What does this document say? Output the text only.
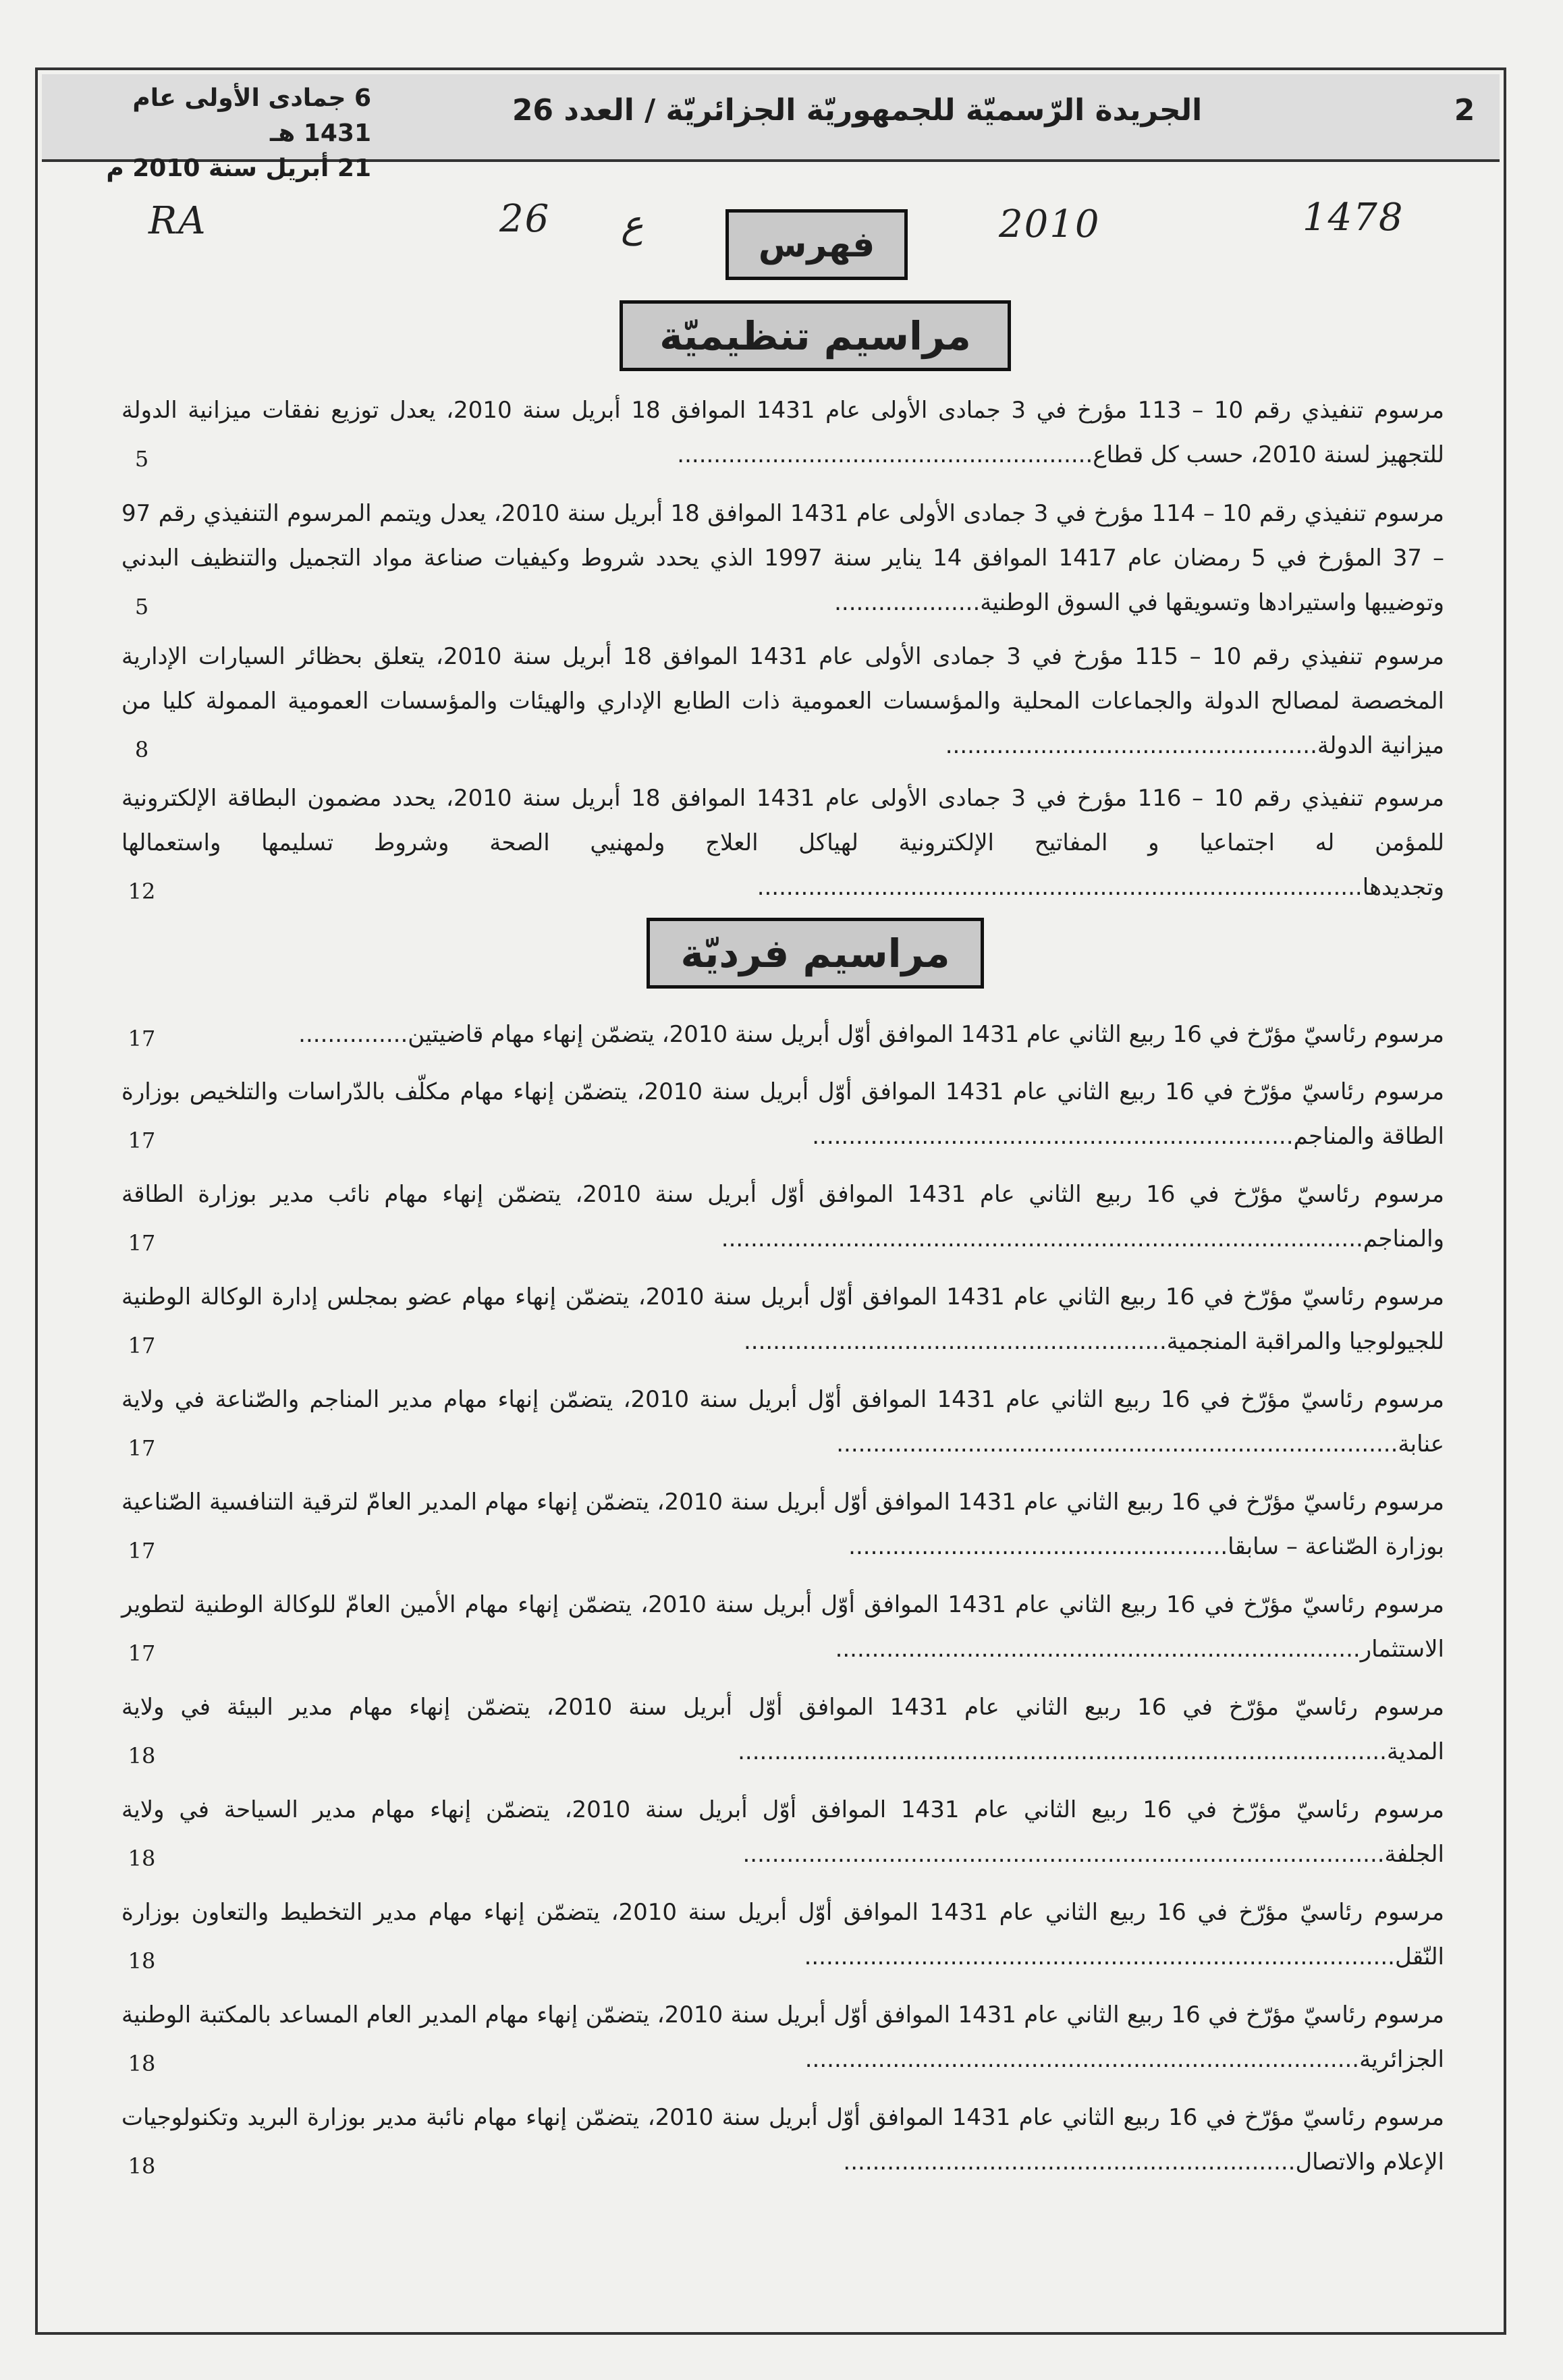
6 جمادى الأولى عام 1431 هـ
21 أبريل سنة 2010 م
الجريدة الرّسميّة للجمهوريّة الجزائريّة / العدد 26	2
RA	26 ع	2010	1478
فهرس
مراسيم تنظيميّة
مراسيم فرديّة
مرسوم تنفيذي رقم 10 – 113 مؤرخ في 3 جمادى الأولى عام 1431 الموافق 18 أبريل سنة 2010، يعدل توزيع نفقات ميزانية الدولة للتجهيز لسنة 2010، حسب كل قطاع.........................................................
5
مرسوم تنفيذي رقم 10 – 114 مؤرخ في 3 جمادى الأولى عام 1431 الموافق 18 أبريل سنة 2010، يعدل ويتمم المرسوم التنفيذي رقم 97 – 37 المؤرخ في 5 رمضان عام 1417 الموافق 14 يناير سنة 1997 الذي يحدد شروط وكيفيات صناعة مواد التجميل والتنظيف البدني وتوضيبها واستيرادها وتسويقها في السوق الوطنية....................
5
مرسوم تنفيذي رقم 10 – 115 مؤرخ في 3 جمادى الأولى عام 1431 الموافق 18 أبريل سنة 2010، يتعلق بحظائر السيارات الإدارية المخصصة لمصالح الدولة والجماعات المحلية والمؤسسات العمومية ذات الطابع الإداري والهيئات والمؤسسات العمومية الممولة كليا من ميزانية الدولة...................................................
8
مرسوم تنفيذي رقم 10 – 116 مؤرخ في 3 جمادى الأولى عام 1431 الموافق 18 أبريل سنة 2010، يحدد مضمون البطاقة الإلكترونية للمؤمن له اجتماعيا و المفاتيح الإلكترونية لهياكل العلاج ولمهنيي الصحة وشروط تسليمها واستعمالها وتجديدها...................................................................................
12
مرسوم رئاسيّ مؤرّخ في 16 ربيع الثاني عام 1431 الموافق أوّل أبريل سنة 2010، يتضمّن إنهاء مهام قاضيتين...............
17
مرسوم رئاسيّ مؤرّخ في 16 ربيع الثاني عام 1431 الموافق أوّل أبريل سنة 2010، يتضمّن إنهاء مهام مكلّف بالدّراسات والتلخيص بوزارة الطاقة والمناجم..................................................................
17
مرسوم رئاسيّ مؤرّخ في 16 ربيع الثاني عام 1431 الموافق أوّل أبريل سنة 2010، يتضمّن إنهاء مهام نائب مدير بوزارة الطاقة والمناجم........................................................................................
17
مرسوم رئاسيّ مؤرّخ في 16 ربيع الثاني عام 1431 الموافق أوّل أبريل سنة 2010، يتضمّن إنهاء مهام عضو بمجلس إدارة الوكالة الوطنية للجيولوجيا والمراقبة المنجمية..........................................................
17
مرسوم رئاسيّ مؤرّخ في 16 ربيع الثاني عام 1431 الموافق أوّل أبريل سنة 2010، يتضمّن إنهاء مهام مدير المناجم والصّناعة في ولاية عنابة.............................................................................
17
مرسوم رئاسيّ مؤرّخ في 16 ربيع الثاني عام 1431 الموافق أوّل أبريل سنة 2010، يتضمّن إنهاء مهام المدير العامّ لترقية التنافسية الصّناعية بوزارة الصّناعة – سابقا....................................................
17
مرسوم رئاسيّ مؤرّخ في 16 ربيع الثاني عام 1431 الموافق أوّل أبريل سنة 2010، يتضمّن إنهاء مهام الأمين العامّ للوكالة الوطنية لتطوير الاستثمار........................................................................
17
مرسوم رئاسيّ مؤرّخ في 16 ربيع الثاني عام 1431 الموافق أوّل أبريل سنة 2010، يتضمّن إنهاء مهام مدير البيئة في ولاية المدية.........................................................................................
18
مرسوم رئاسيّ مؤرّخ في 16 ربيع الثاني عام 1431 الموافق أوّل أبريل سنة 2010، يتضمّن إنهاء مهام مدير السياحة في ولاية الجلفة........................................................................................
18
مرسوم رئاسيّ مؤرّخ في 16 ربيع الثاني عام 1431 الموافق أوّل أبريل سنة 2010، يتضمّن إنهاء مهام مدير التخطيط والتعاون بوزارة النّقل.................................................................................
18
مرسوم رئاسيّ مؤرّخ في 16 ربيع الثاني عام 1431 الموافق أوّل أبريل سنة 2010، يتضمّن إنهاء مهام المدير العام المساعد بالمكتبة الوطنية الجزائرية............................................................................
18
مرسوم رئاسيّ مؤرّخ في 16 ربيع الثاني عام 1431 الموافق أوّل أبريل سنة 2010، يتضمّن إنهاء مهام نائبة مدير بوزارة البريد وتكنولوجيات الإعلام والاتصال..............................................................
18
